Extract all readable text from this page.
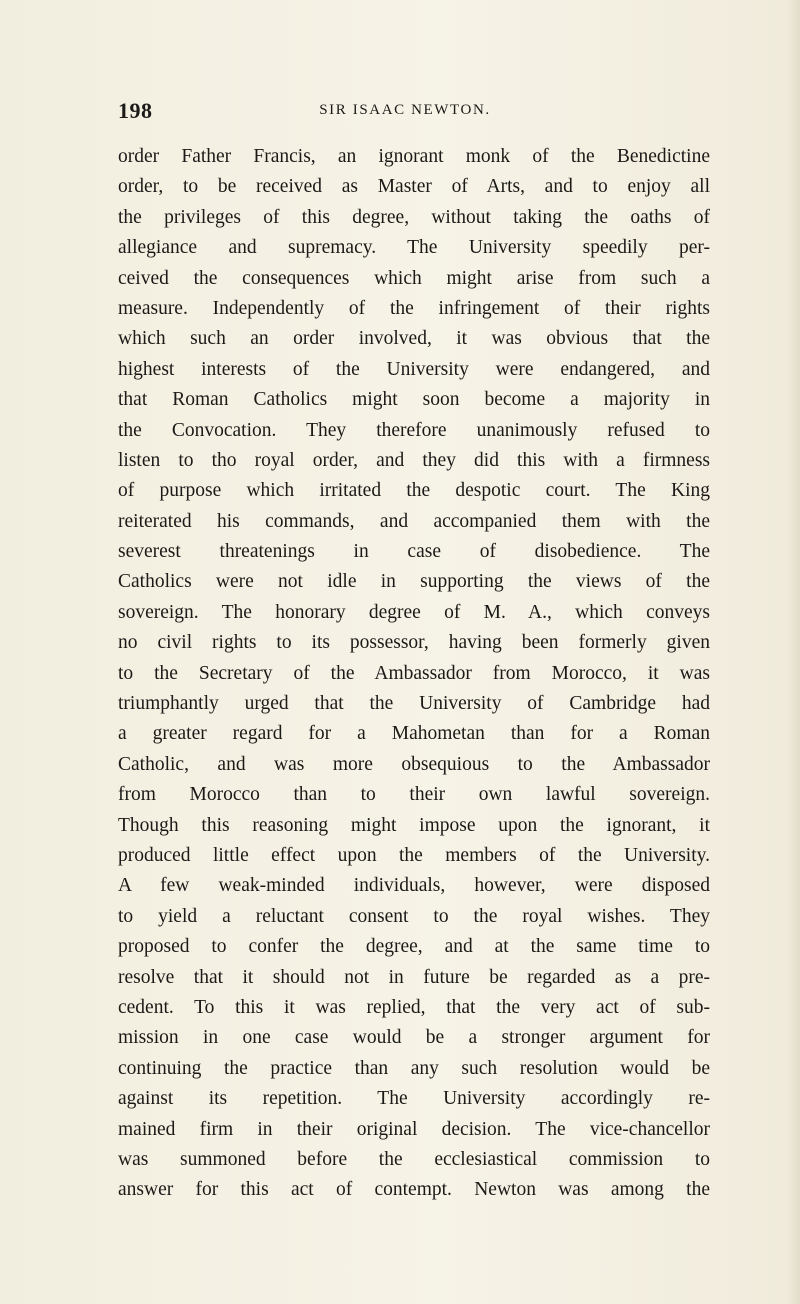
198	SIR ISAAC NEWTON.
order Father Francis, an ignorant monk of the Benedictine
order, to be received as Master of Arts, and to enjoy all
the privileges of this degree, without taking the oaths of
allegiance and supremacy. The University speedily per-
ceived the consequences which might arise from such a
measure. Independently of the infringement of their rights
which such an order involved, it was obvious that the
highest interests of the University were endangered, and
that Roman Catholics might soon become a majority in
the Convocation. They therefore unanimously refused to
listen to tho royal order, and they did this with a firmness
of purpose which irritated the despotic court. The King
reiterated his commands, and accompanied them with the
severest threatenings in case of disobedience. The
Catholics were not idle in supporting the views of the
sovereign. The honorary degree of M. A., which conveys
no civil rights to its possessor, having been formerly given
to the Secretary of the Ambassador from Morocco, it was
triumphantly urged that the University of Cambridge had
a greater regard for a Mahometan than for a Roman
Catholic, and was more obsequious to the Ambassador
from Morocco than to their own lawful sovereign.
Though this reasoning might impose upon the ignorant, it
produced little effect upon the members of the University.
A few weak-minded individuals, however, were disposed
to yield a reluctant consent to the royal wishes. They
proposed to confer the degree, and at the same time to
resolve that it should not in future be regarded as a pre-
cedent. To this it was replied, that the very act of sub-
mission in one case would be a stronger argument for
continuing the practice than any such resolution would be
against its repetition. The University accordingly re-
mained firm in their original decision. The vice-chancellor
was summoned before the ecclesiastical commission to
answer for this act of contempt. Newton was among the
